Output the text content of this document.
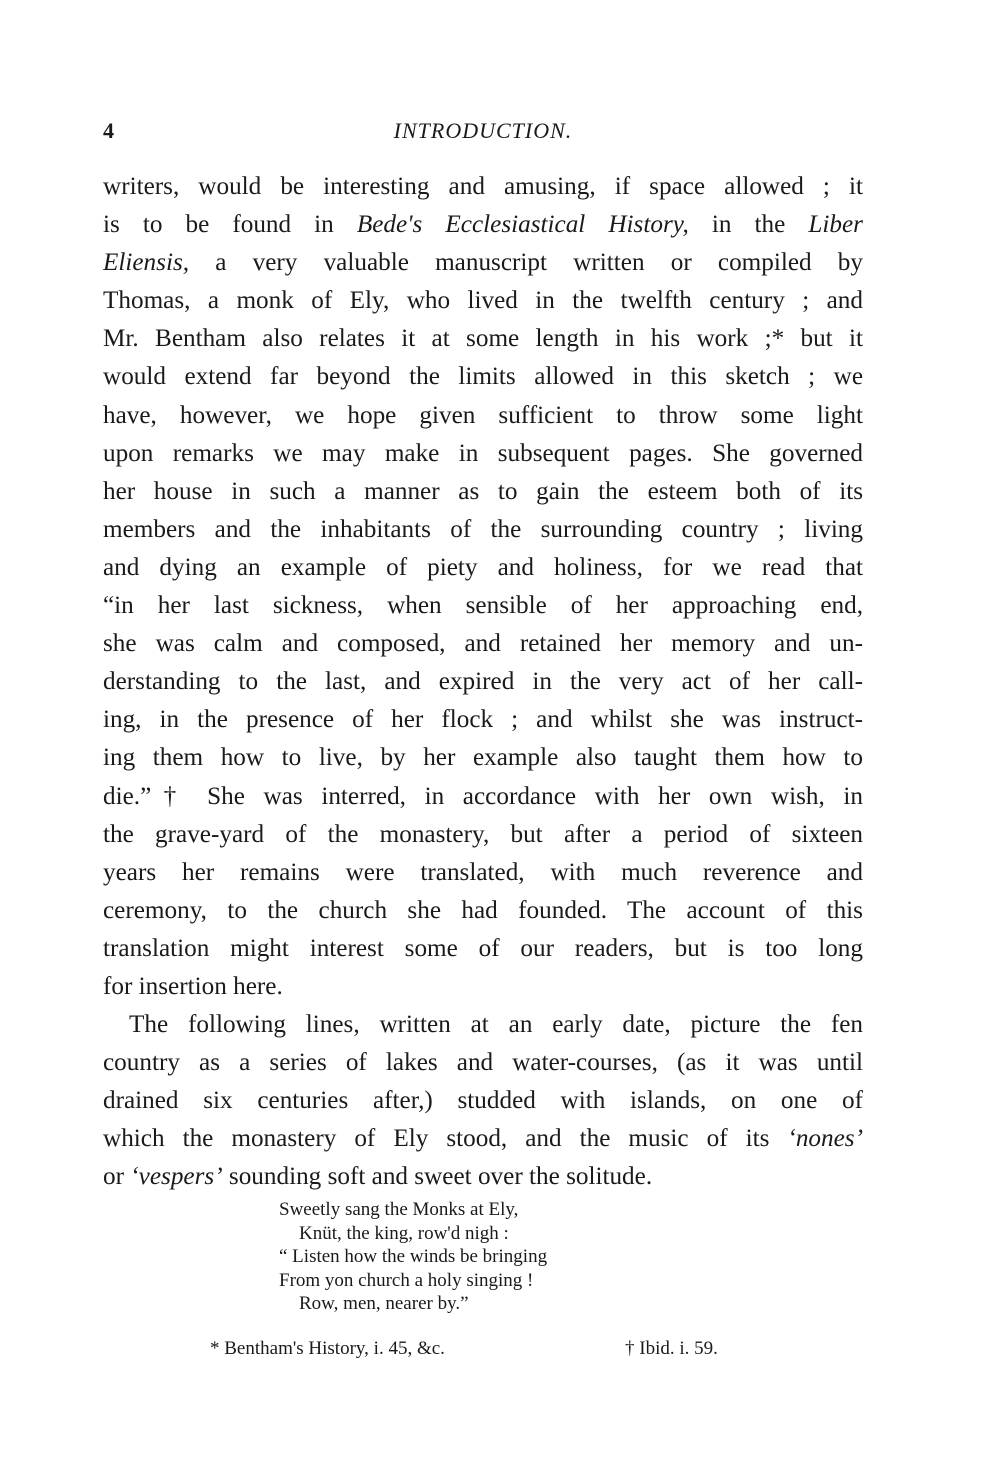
4	INTRODUCTION.
writers, would be interesting and amusing, if space allowed ; it
is to be found in Bede's Ecclesiastical History, in the Liber
Eliensis, a very valuable manuscript written or compiled by
Thomas, a monk of Ely, who lived in the twelfth century ; and
Mr. Bentham also relates it at some length in his work ;* but it
would extend far beyond the limits allowed in this sketch ; we
have, however, we hope given sufficient to throw some light
upon remarks we may make in subsequent pages. She governed
her house in such a manner as to gain the esteem both of its
members and the inhabitants of the surrounding country ; living
and dying an example of piety and holiness, for we read that
“in her last sickness, when sensible of her approaching end,
she was calm and composed, and retained her memory and un-
derstanding to the last, and expired in the very act of her call-
ing, in the presence of her flock ; and whilst she was instruct-
ing them how to live, by her example also taught them how to
die.”† She was interred, in accordance with her own wish, in
the grave-yard of the monastery, but after a period of sixteen
years her remains were translated, with much reverence and
ceremony, to the church she had founded. The account of this
translation might interest some of our readers, but is too long
for insertion here.
The following lines, written at an early date, picture the fen
country as a series of lakes and water-courses, (as it was until
drained six centuries after,) studded with islands, on one of
which the monastery of Ely stood, and the music of its ‘nones’
or ‘vespers’ sounding soft and sweet over the solitude.
Sweetly sang the Monks at Ely,
Knüt, the king, row'd nigh :
“ Listen how the winds be bringing
From yon church a holy singing !
Row, men, nearer by.”
* Bentham's History, i. 45, &c.	† Ibid. i. 59.
